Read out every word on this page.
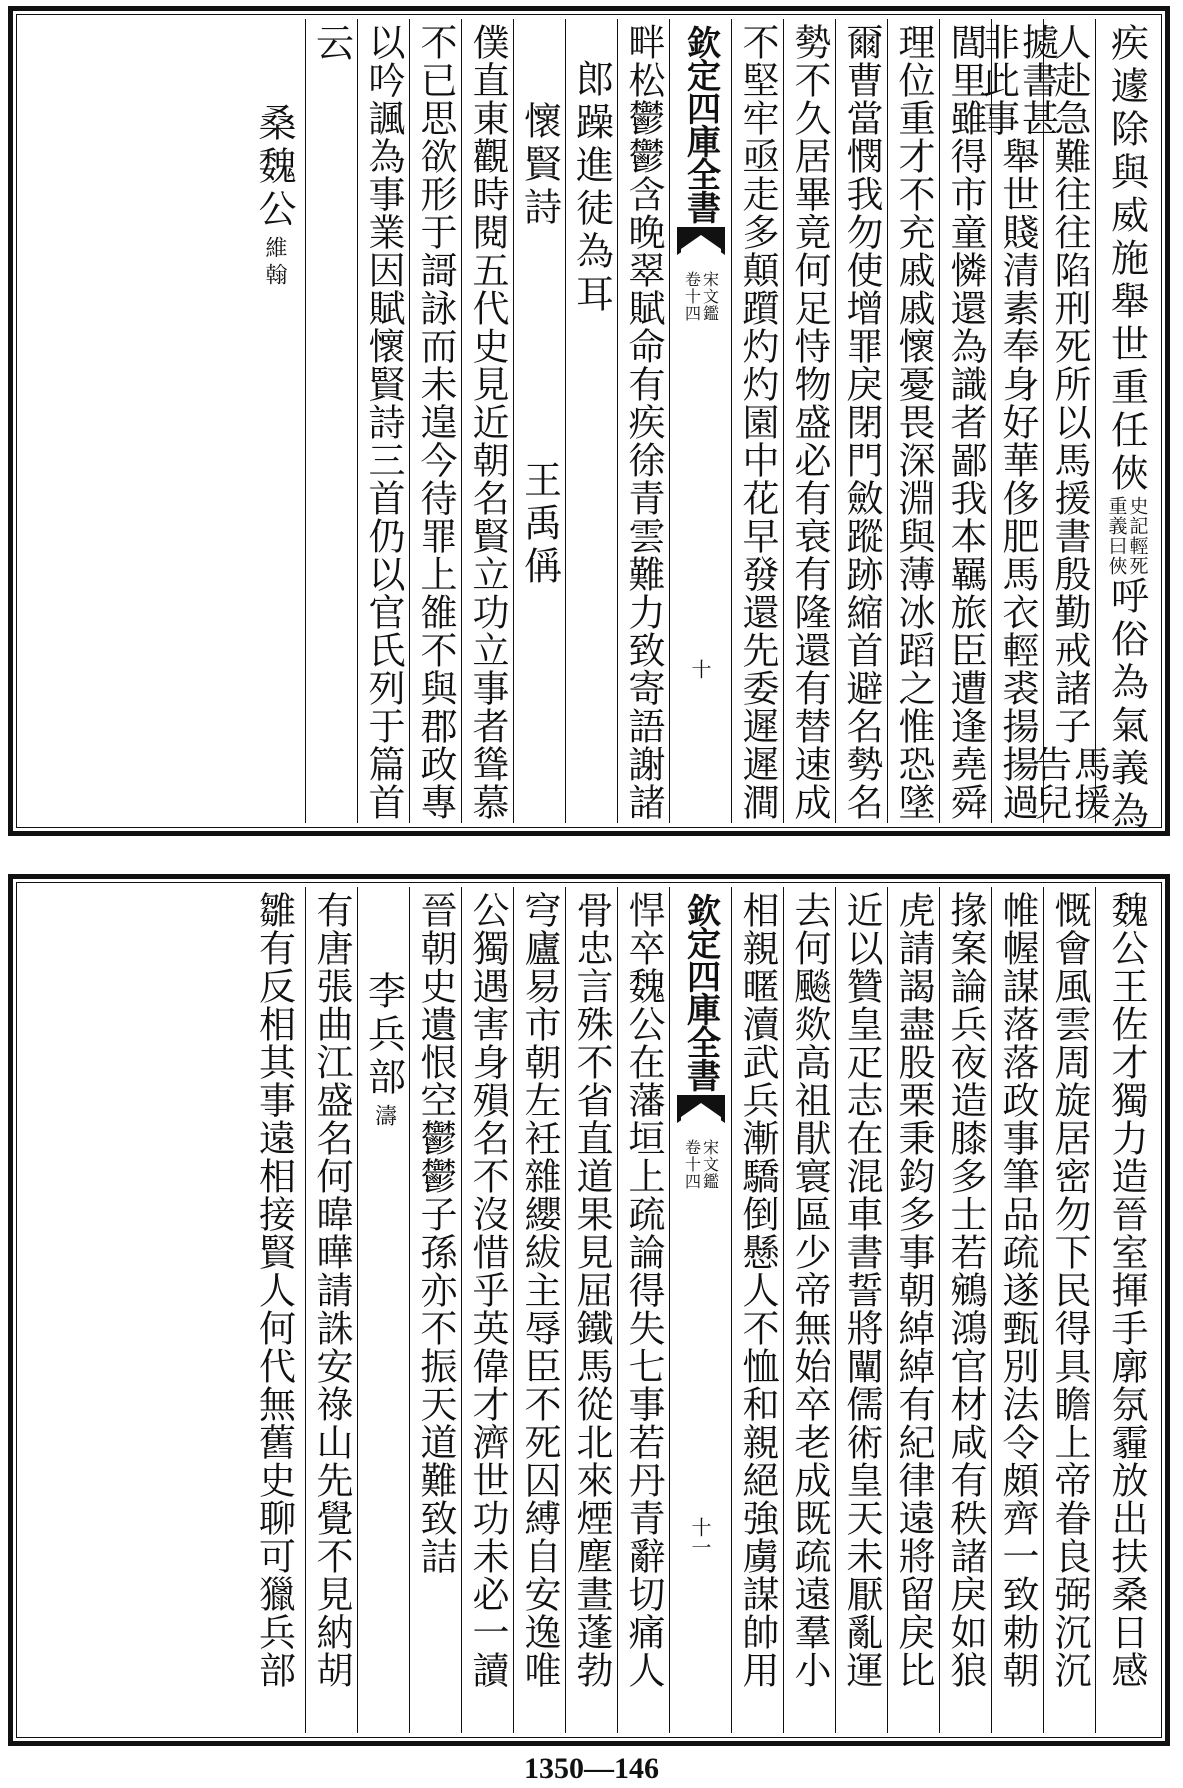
疾遽除與威施舉世重任俠
史記輕死
重義曰俠
呼俗為氣義為
人赴急難往往陷刑死所以馬援書殷勤戒諸子
馬援
告兒
㨿書甚
非此事
舉世賤清素奉身好華侈肥馬衣輕裘揚揚過
閭里雖得市童憐還為識者鄙我本羈旅臣遭逢堯舜
理位重才不充戚戚懷憂畏深淵與薄冰蹈之惟恐墜
爾曹當憫我勿使增罪戾閉門斂蹤跡縮首避名勢名
勢不久居畢竟何足恃物盛必有衰有隆還有替速成
不堅牢亟走多顛躓灼灼園中花早發還先委遲遲澗
欽定四庫全書
宋文鑑
卷十四
十
畔松鬱鬱含晚翠賦命有疾徐青雲難力致寄語謝諸
郎躁進徒為耳
懷賢詩
王禹偁
僕直東觀時閱五代史見近朝名賢立功立事者聳慕
不已思欲形于謌詠而未遑今待罪上雒不與郡政專
以吟諷為事業因賦懷賢詩三首仍以官氏列于篇首
云
桑魏公
維翰
魏公王佐才獨力造晉室揮手廓氛霾放出扶桑日感
慨會風雲周旋居密勿下民得具瞻上帝眷良弼沉沉
帷幄謀落落政事筆品疏遂甄別法令頗齊一致勅朝
掾案論兵夜造膝多士若鵷鴻官材咸有秩諸戾如狼
虎請謁盡股栗秉鈞多事朝綽綽有紀律遠將留戾比
近以贊皇疋志在混車書誓將闡儒術皇天未厭亂運
去何飈欻高祖猒寰區少帝無始卒老成既疏遠羣小
相親暱瀆武兵漸驕倒懸人不恤和親絕強虜謀帥用
欽定四庫全書
宋文鑑
卷十四
十一
悍卒魏公在藩垣上疏論得失七事若丹青辭切痛人
骨忠言殊不省直道果見屈鐵馬從北來煙塵晝蓬勃
穹廬易市朝左衽雜纓紱主辱臣不死囚縛自安逸唯
公獨遇害身殞名不沒惜乎英偉才濟世功未必一讀
晉朝史遺恨空鬱鬱子孫亦不振天道難致詰
李兵部
濤
有唐張曲江盛名何暐曄請誅安祿山先覺不見納胡
雛有反相其事遠相接賢人何代無舊史聊可獵兵部
1350—146
